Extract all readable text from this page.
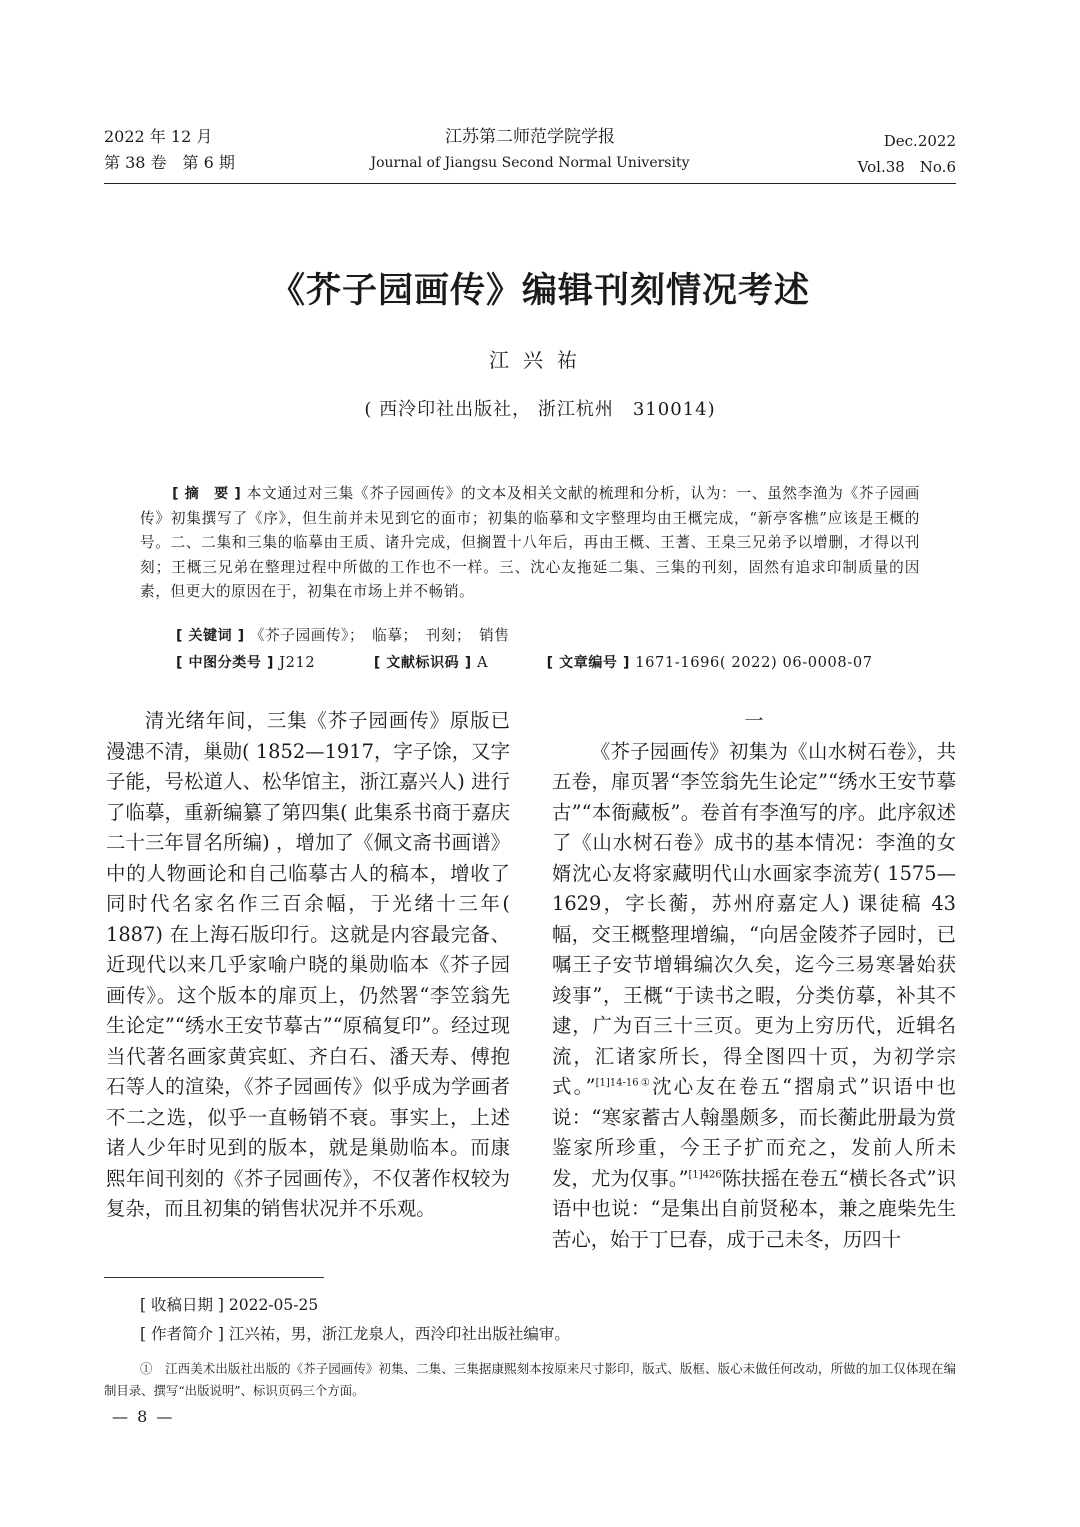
2022 年 12 月
第 38 卷　第 6 期
江苏第二师范学院学报
Journal of Jiangsu Second Normal University
Dec.2022
Vol.38　No.6
《芥子园画传》编辑刊刻情况考述
江兴祐
( 西泠印社出版社， 浙江杭州　310014)

[ 摘　要 ] 本文通过对三集《芥子园画传》的文本及相关文献的梳理和分析，认为：一、虽然李渔为《芥子园画传》初集撰写了《序》，但生前并未见到它的面市；初集的临摹和文字整理均由王概完成，“新亭客樵”应该是王概的号。二、二集和三集的临摹由王质、诸升完成，但搁置十八年后，再由王概、王蓍、王臬三兄弟予以增删，才得以刊刻；王概三兄弟在整理过程中所做的工作也不一样。三、沈心友拖延二集、三集的刊刻，固然有追求印制质量的因素，但更大的原因在于，初集在市场上并不畅销。

[ 关键词 ] 《芥子园画传》；　临摹；　刊刻；　销售
[ 中图分类号 ] J212	[ 文献标识码 ] A	[ 文章编号 ] 1671-1696( 2022) 06-0008-07

清光绪年间，三集《芥子园画传》原版已漫漶不清，巢勋( 1852—1917，字子馀，又字子能，号松道人、松华馆主，浙江嘉兴人) 进行了临摹，重新编纂了第四集( 此集系书商于嘉庆二十三年冒名所编) ，增加了《佩文斋书画谱》中的人物画论和自己临摹古人的稿本，增收了同时代名家名作三百余幅，于光绪十三年( 1887) 在上海石版印行。这就是内容最完备、近现代以来几乎家喻户晓的巢勋临本《芥子园画传》。这个版本的扉页上，仍然署“李笠翁先生论定”“绣水王安节摹古”“原稿复印”。经过现当代著名画家黄宾虹、齐白石、潘天寿、傅抱石等人的渲染，《芥子园画传》似乎成为学画者不二之选，似乎一直畅销不衰。事实上，上述诸人少年时见到的版本，就是巢勋临本。而康熙年间刊刻的《芥子园画传》，不仅著作权较为复杂，而且初集的销售状况并不乐观。

一

《芥子园画传》初集为《山水树石卷》，共五卷，扉页署“李笠翁先生论定”“绣水王安节摹古”“本衙藏板”。卷首有李渔写的序。此序叙述了《山水树石卷》成书的基本情况：李渔的女婿沈心友将家藏明代山水画家李流芳( 1575—1629，字长蘅，苏州府嘉定人) 课徒稿 43 幅，交王概整理增编，“向居金陵芥子园时，已嘱王子安节增辑编次久矣，迄今三易寒暑始获竣事”，王概“于读书之暇，分类仿摹，补其不逮，广为百三十三页。更为上穷历代，近辑名流，汇诸家所长，得全图四十页，为初学宗式。”$^{[1]14-16①}$沈心友在卷五“摺扇式”识语中也说：“寒家蓄古人翰墨颇多，而长蘅此册最为赏鉴家所珍重，今王子扩而充之，发前人所未发，尤为仅事。”$^{[1]426}$陈扶摇在卷五“横长各式”识语中也说：“是集出自前贤秘本，兼之鹿柴先生苦心，始于丁巳春，成于己未冬，历四十

[ 收稿日期 ] 2022-05-25
[ 作者简介 ] 江兴祐，男，浙江龙泉人，西泠印社出版社编审。
①　江西美术出版社出版的《芥子园画传》初集、二集、三集据康熙刻本按原来尺寸影印，版式、版框、版心未做任何改动，所做的加工仅体现在编制目录、撰写“出版说明”、标识页码三个方面。
— 8 —
